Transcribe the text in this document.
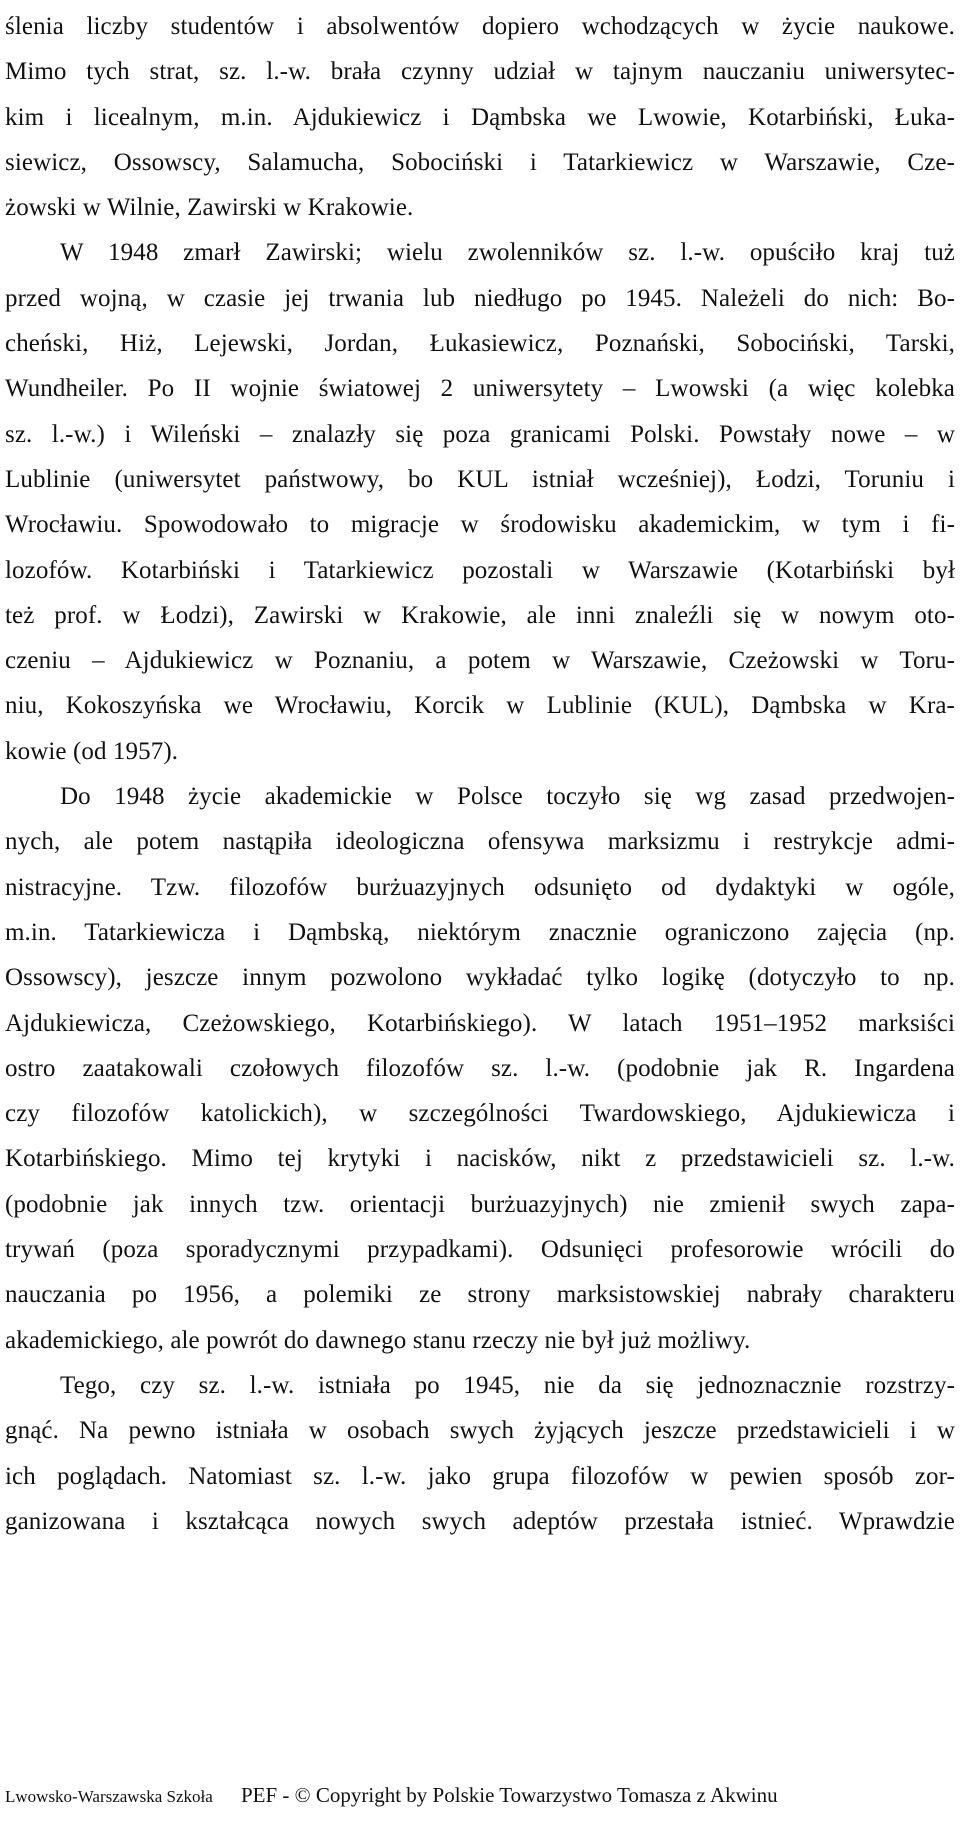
ślenia liczby studentów i absolwentów dopiero wchodzących w życie naukowe.
Mimo tych strat, sz. l.-w. brała czynny udział w tajnym nauczaniu uniwersytec-
kim i licealnym, m.in. Ajdukiewicz i Dąmbska we Lwowie, Kotarbiński, Łuka-
siewicz, Ossowscy, Salamucha, Sobociński i Tatarkiewicz w Warszawie, Cze-
żowski w Wilnie, Zawirski w Krakowie.
W 1948 zmarł Zawirski; wielu zwolenników sz. l.-w. opuściło kraj tuż
przed wojną, w czasie jej trwania lub niedługo po 1945. Należeli do nich: Bo-
cheński, Hiż, Lejewski, Jordan, Łukasiewicz, Poznański, Sobociński, Tarski,
Wundheiler. Po II wojnie światowej 2 uniwersytety – Lwowski (a więc kolebka
sz. l.-w.) i Wileński – znalazły się poza granicami Polski. Powstały nowe – w
Lublinie (uniwersytet państwowy, bo KUL istniał wcześniej), Łodzi, Toruniu i
Wrocławiu. Spowodowało to migracje w środowisku akademickim, w tym i fi-
lozofów. Kotarbiński i Tatarkiewicz pozostali w Warszawie (Kotarbiński był
też prof. w Łodzi), Zawirski w Krakowie, ale inni znaleźli się w nowym oto-
czeniu – Ajdukiewicz w Poznaniu, a potem w Warszawie, Czeżowski w Toru-
niu, Kokoszyńska we Wrocławiu, Korcik w Lublinie (KUL), Dąmbska w Kra-
kowie (od 1957).
Do 1948 życie akademickie w Polsce toczyło się wg zasad przedwojen-
nych, ale potem nastąpiła ideologiczna ofensywa marksizmu i restrykcje admi-
nistracyjne. Tzw. filozofów burżuazyjnych odsunięto od dydaktyki w ogóle,
m.in. Tatarkiewicza i Dąmbską, niektórym znacznie ograniczono zajęcia (np.
Ossowscy), jeszcze innym pozwolono wykładać tylko logikę (dotyczyło to np.
Ajdukiewicza, Czeżowskiego, Kotarbińskiego). W latach 1951–1952 marksiści
ostro zaatakowali czołowych filozofów sz. l.-w. (podobnie jak R. Ingardena
czy filozofów katolickich), w szczególności Twardowskiego, Ajdukiewicza i
Kotarbińskiego. Mimo tej krytyki i nacisków, nikt z przedstawicieli sz. l.-w.
(podobnie jak innych tzw. orientacji burżuazyjnych) nie zmienił swych zapa-
trywań (poza sporadycznymi przypadkami). Odsunięci profesorowie wrócili do
nauczania po 1956, a polemiki ze strony marksistowskiej nabrały charakteru
akademickiego, ale powrót do dawnego stanu rzeczy nie był już możliwy.
Tego, czy sz. l.-w. istniała po 1945, nie da się jednoznacznie rozstrzy-
gnąć. Na pewno istniała w osobach swych żyjących jeszcze przedstawicieli i w
ich poglądach. Natomiast sz. l.-w. jako grupa filozofów w pewien sposób zor-
ganizowana i kształcąca nowych swych adeptów przestała istnieć. Wprawdzie
Lwowsko-Warszawska Szkoła PEF - © Copyright by Polskie Towarzystwo Tomasza z Akwinu
